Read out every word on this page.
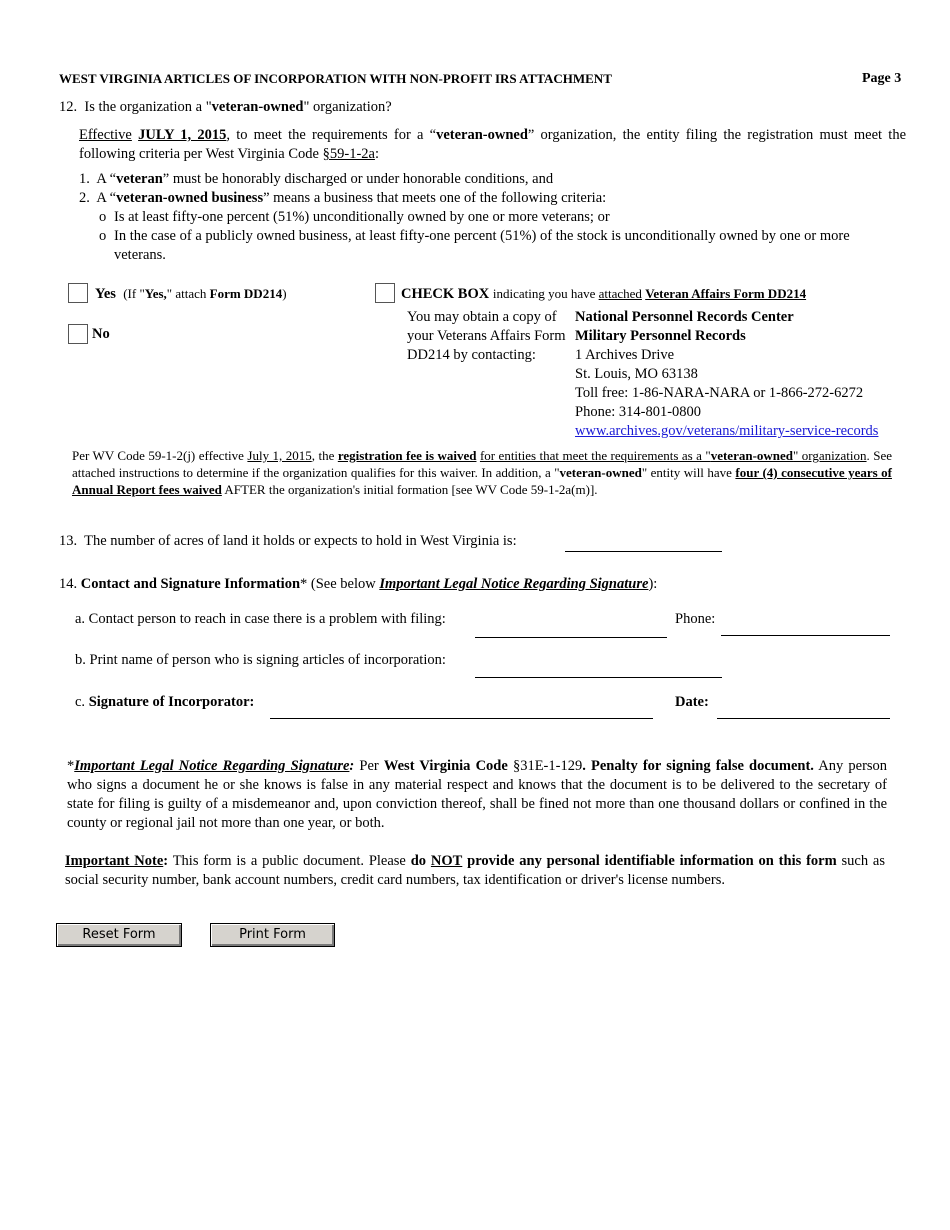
WEST VIRGINIA ARTICLES OF INCORPORATION WITH NON-PROFIT IRS ATTACHMENT	Page 3
12. Is the organization a "veteran-owned" organization?
Effective JULY 1, 2015, to meet the requirements for a “veteran-owned” organization, the entity filing the registration must meet the following criteria per West Virginia Code §59-1-2a:
1. A “veteran” must be honorably discharged or under honorable conditions, and
2. A “veteran-owned business” means a business that meets one of the following criteria:
o Is at least fifty-one percent (51%) unconditionally owned by one or more veterans; or
o In the case of a publicly owned business, at least fifty-one percent (51%) of the stock is unconditionally owned by one or more veterans.
Yes (If "Yes," attach Form DD214)
No
CHECK BOX indicating you have attached Veteran Affairs Form DD214
You may obtain a copy of your Veterans Affairs Form DD214 by contacting:
National Personnel Records Center
Military Personnel Records
1 Archives Drive
St. Louis, MO 63138
Toll free: 1-86-NARA-NARA or 1-866-272-6272
Phone: 314-801-0800
www.archives.gov/veterans/military-service-records
Per WV Code 59-1-2(j) effective July 1, 2015, the registration fee is waived for entities that meet the requirements as a "veteran-owned" organization. See attached instructions to determine if the organization qualifies for this waiver. In addition, a "veteran-owned" entity will have four (4) consecutive years of Annual Report fees waived AFTER the organization's initial formation [see WV Code 59-1-2a(m)].
13. The number of acres of land it holds or expects to hold in West Virginia is:
14. Contact and Signature Information* (See below Important Legal Notice Regarding Signature):
a. Contact person to reach in case there is a problem with filing:	Phone:
b. Print name of person who is signing articles of incorporation:
c. Signature of Incorporator:	Date:
*Important Legal Notice Regarding Signature: Per West Virginia Code §31E-1-129. Penalty for signing false document. Any person who signs a document he or she knows is false in any material respect and knows that the document is to be delivered to the secretary of state for filing is guilty of a misdemeanor and, upon conviction thereof, shall be fined not more than one thousand dollars or confined in the county or regional jail not more than one year, or both.
Important Note: This form is a public document. Please do NOT provide any personal identifiable information on this form such as social security number, bank account numbers, credit card numbers, tax identification or driver's license numbers.
Reset Form	Print Form
